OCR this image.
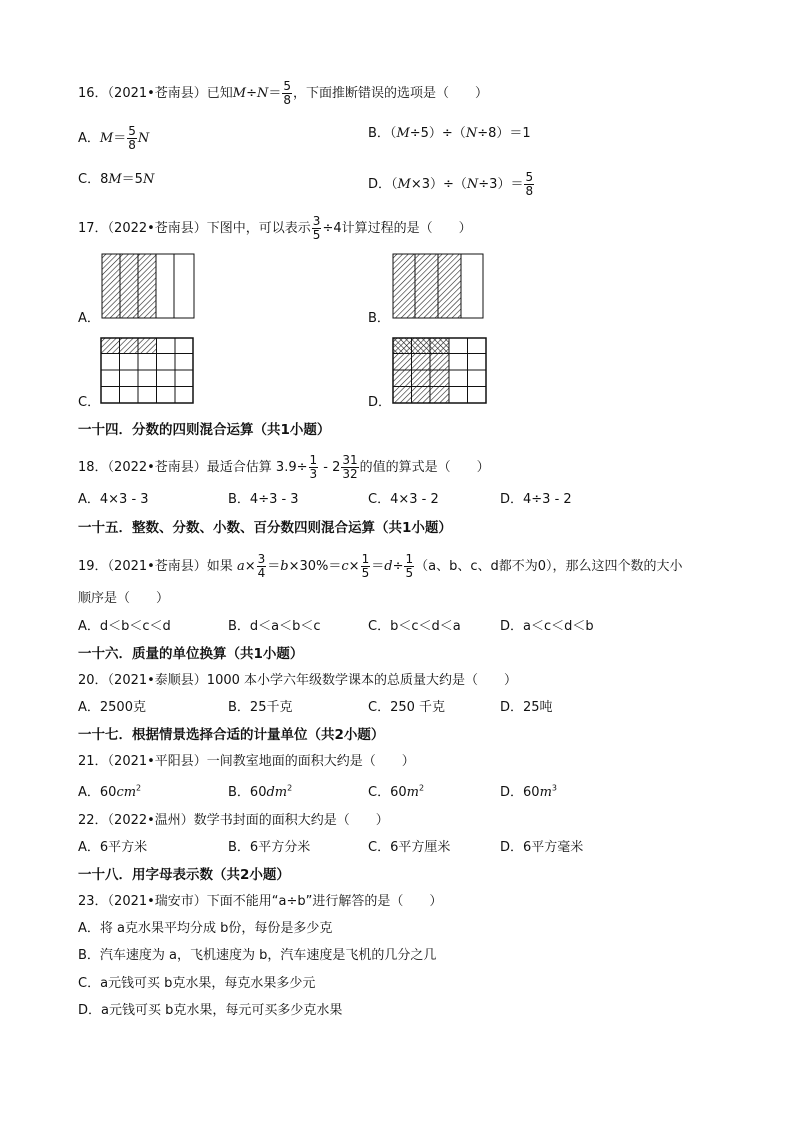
16．（2021•苍南县）已知$M\div N= \frac{5}{8}$ ，下面推断错误的选项是（　　）
A．$M= \frac{5}{8}$ N	B．（M÷5）÷（N÷8）＝1
C．8M＝5N	D．$(M\times 3)\div(N\div 3)= \frac{5}{8}$
17．（2022•苍南县）下图中，可以表示 $\frac{3}{5} \div 4$计算过程的是（　　）
A．	B．
C．	D．
一十四．分数的四则混合运算（共1小题）
18．（2022•苍南县）最适合估算 $3.9\div \frac{1}{3} - 2 \frac{31}{32}$ 的值的算式是（　　）
A．4×3 - 3	B．4÷3 - 3	C．4×3 - 2	D．4÷3 - 2
一十五．整数、分数、小数、百分数四则混合运算（共1小题）
19．（2021•苍南县）如果 $a\times \frac{3}{4} =b\times 30\%=c\times \frac{1}{5} =d\div \frac{1}{5} (a$、b、c、d都不为0），那么这四个数的大小
顺序是（　　）
A．d＜b＜c＜d	B．d＜a＜b＜c	C．b＜c＜d＜a	D．a＜c＜d＜b
一十六．质量的单位换算（共1小题）
20．（2021•泰顺县）1000 本小学六年级数学课本的总质量大约是（　　）
A．2500克	B．25千克	C．250 千克	D．25吨
一十七．根据情景选择合适的计量单位（共2小题）
21．（2021•平阳县）一间教室地面的面积大约是（　　）
A．$60cm^2$	B．$60dm^2$	C．$60m^2$	D．$60m^3$
22．（2022•温州）数学书封面的面积大约是（　　）
A．6平方米	B．6平方分米	C．6平方厘米	D．6平方毫米
一十八．用字母表示数（共2小题）
23．（2021•瑞安市）下面不能用“a÷b”进行解答的是（　　）
A．将 a克水果平均分成 b份，每份是多少克
B．汽车速度为 a，飞机速度为 b，汽车速度是飞机的几分之几
C．a元钱可买 b克水果，每克水果多少元
D．a元钱可买 b克水果，每元可买多少克水果
